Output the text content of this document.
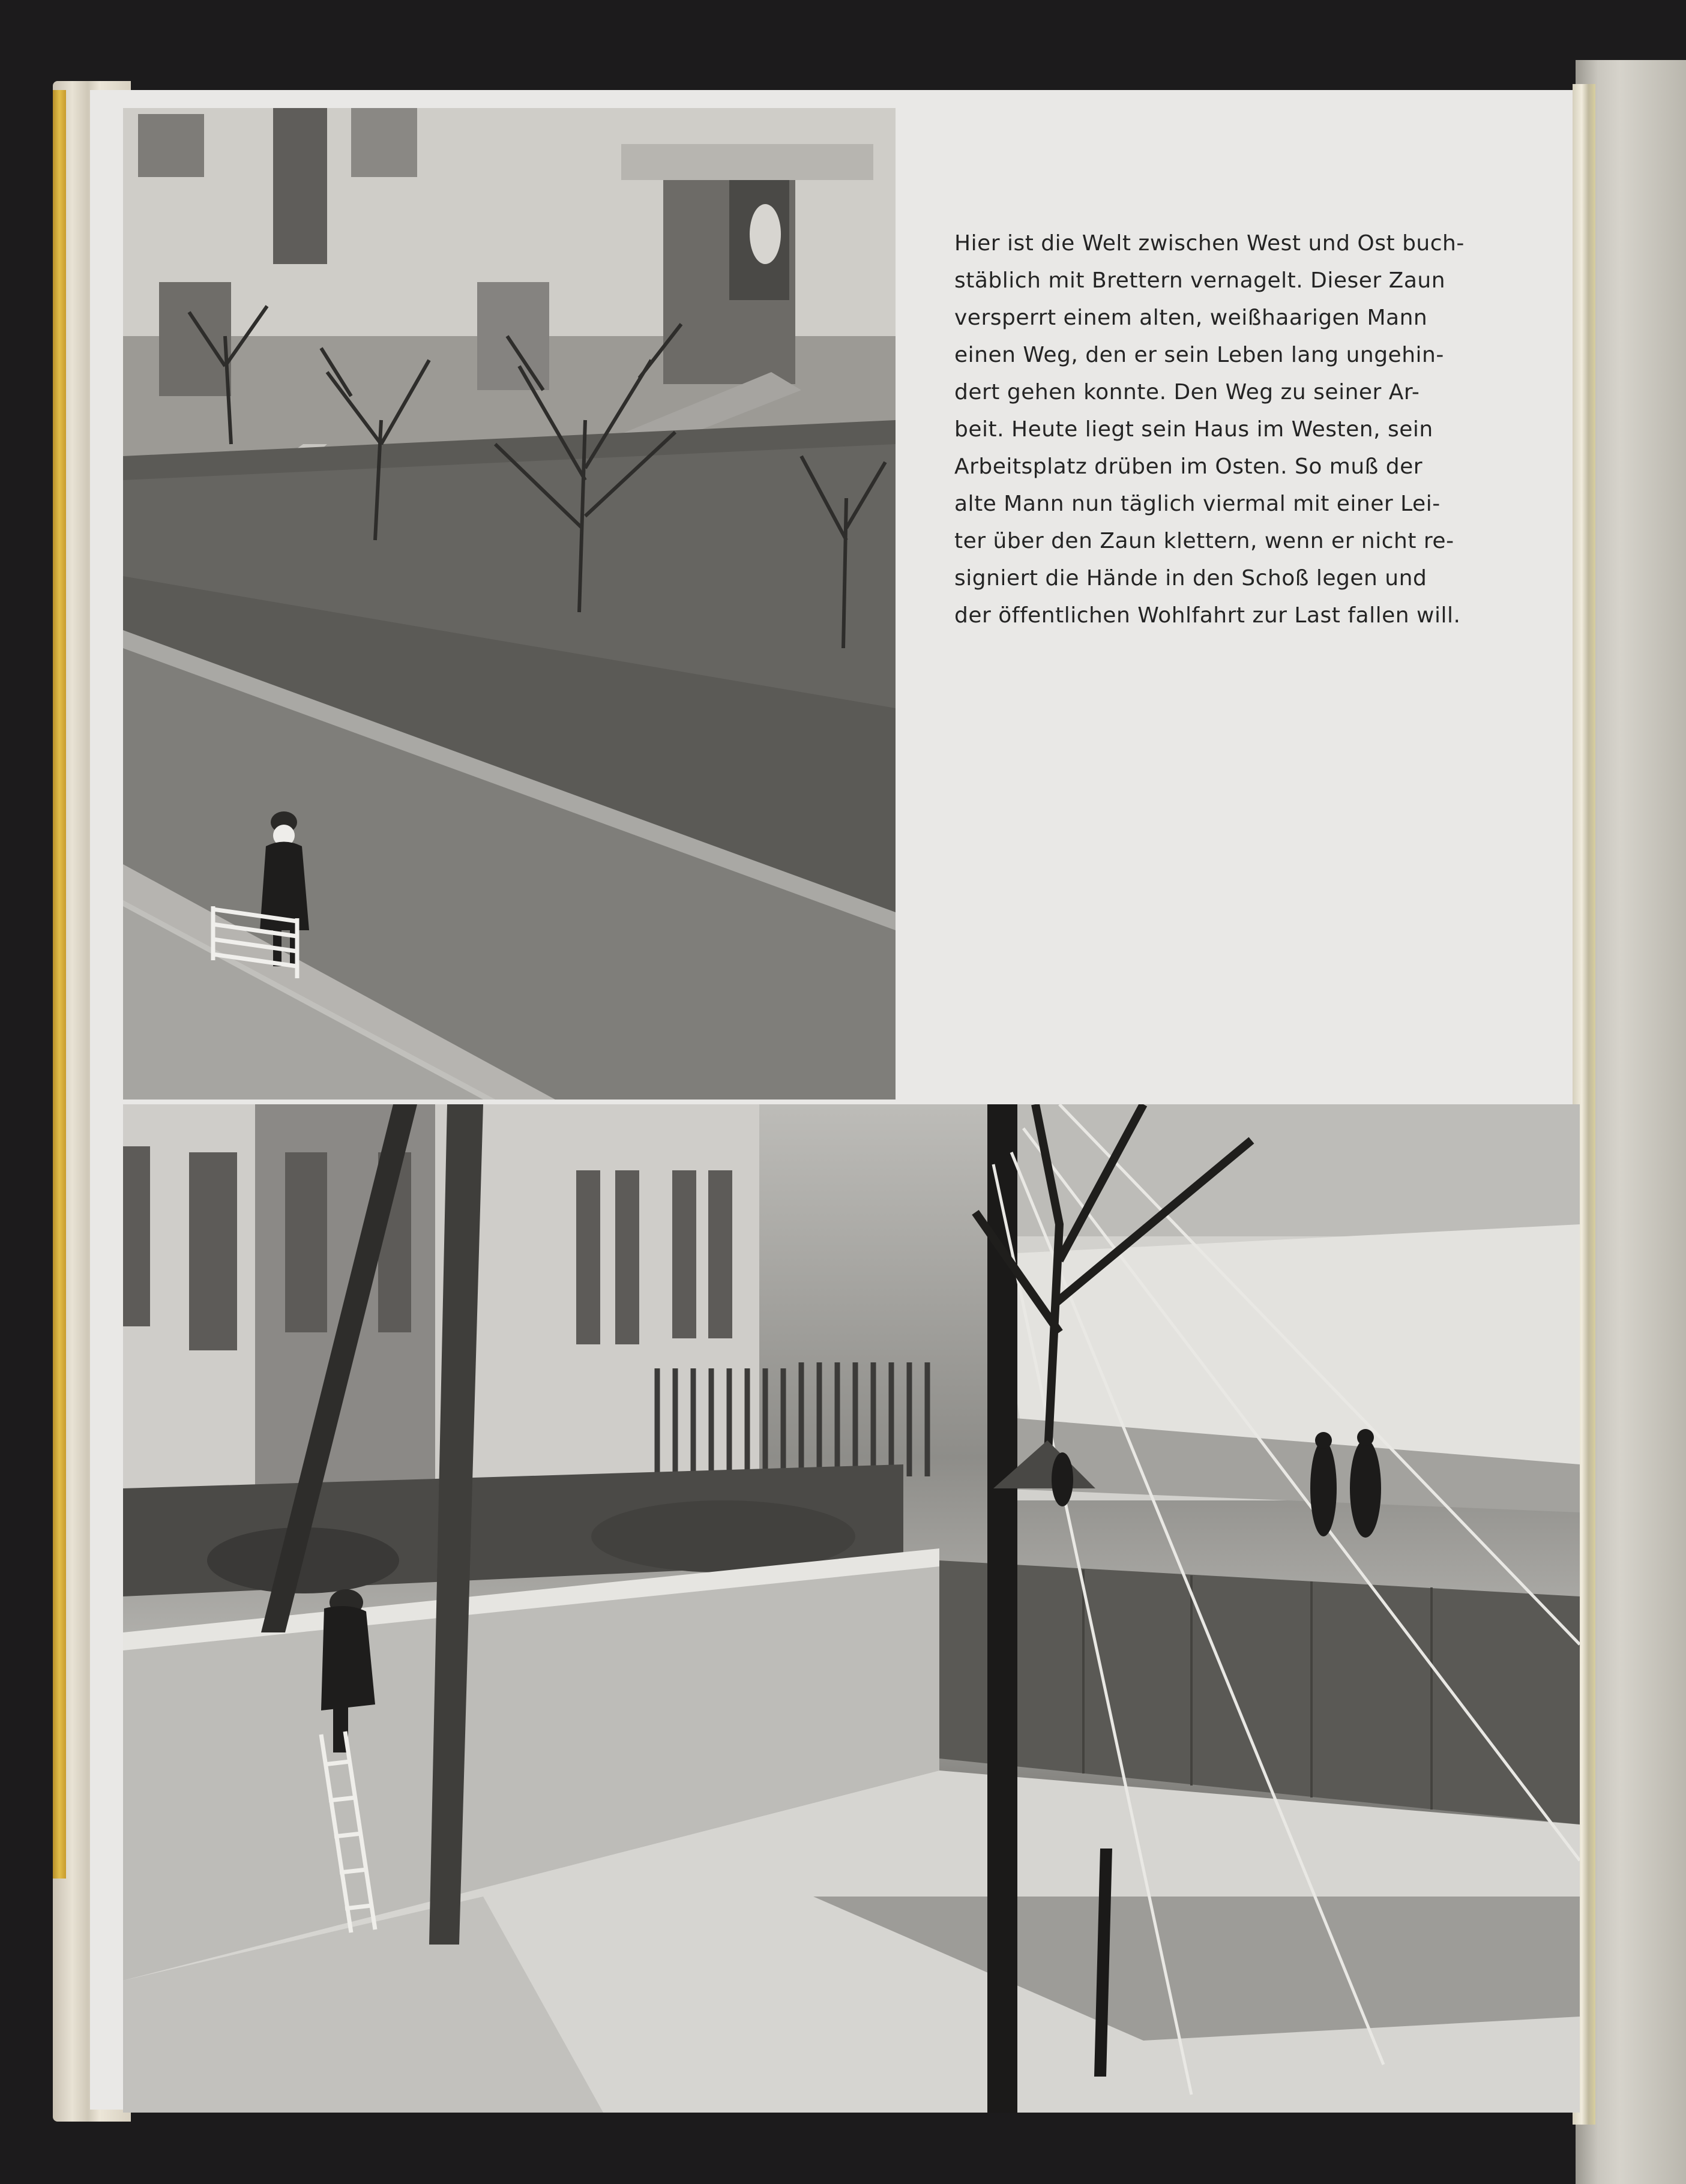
Hier ist die Welt zwischen West und Ost buch-
stäblich mit Brettern vernagelt. Dieser Zaun
versperrt einem alten, weißhaarigen Mann
einen Weg, den er sein Leben lang ungehin-
dert gehen konnte. Den Weg zu seiner Ar-
beit. Heute liegt sein Haus im Westen, sein
Arbeitsplatz drüben im Osten. So muß der
alte Mann nun täglich viermal mit einer Lei-
ter über den Zaun klettern, wenn er nicht re-
signiert die Hände in den Schoß legen und
der öffentlichen Wohlfahrt zur Last fallen will.
